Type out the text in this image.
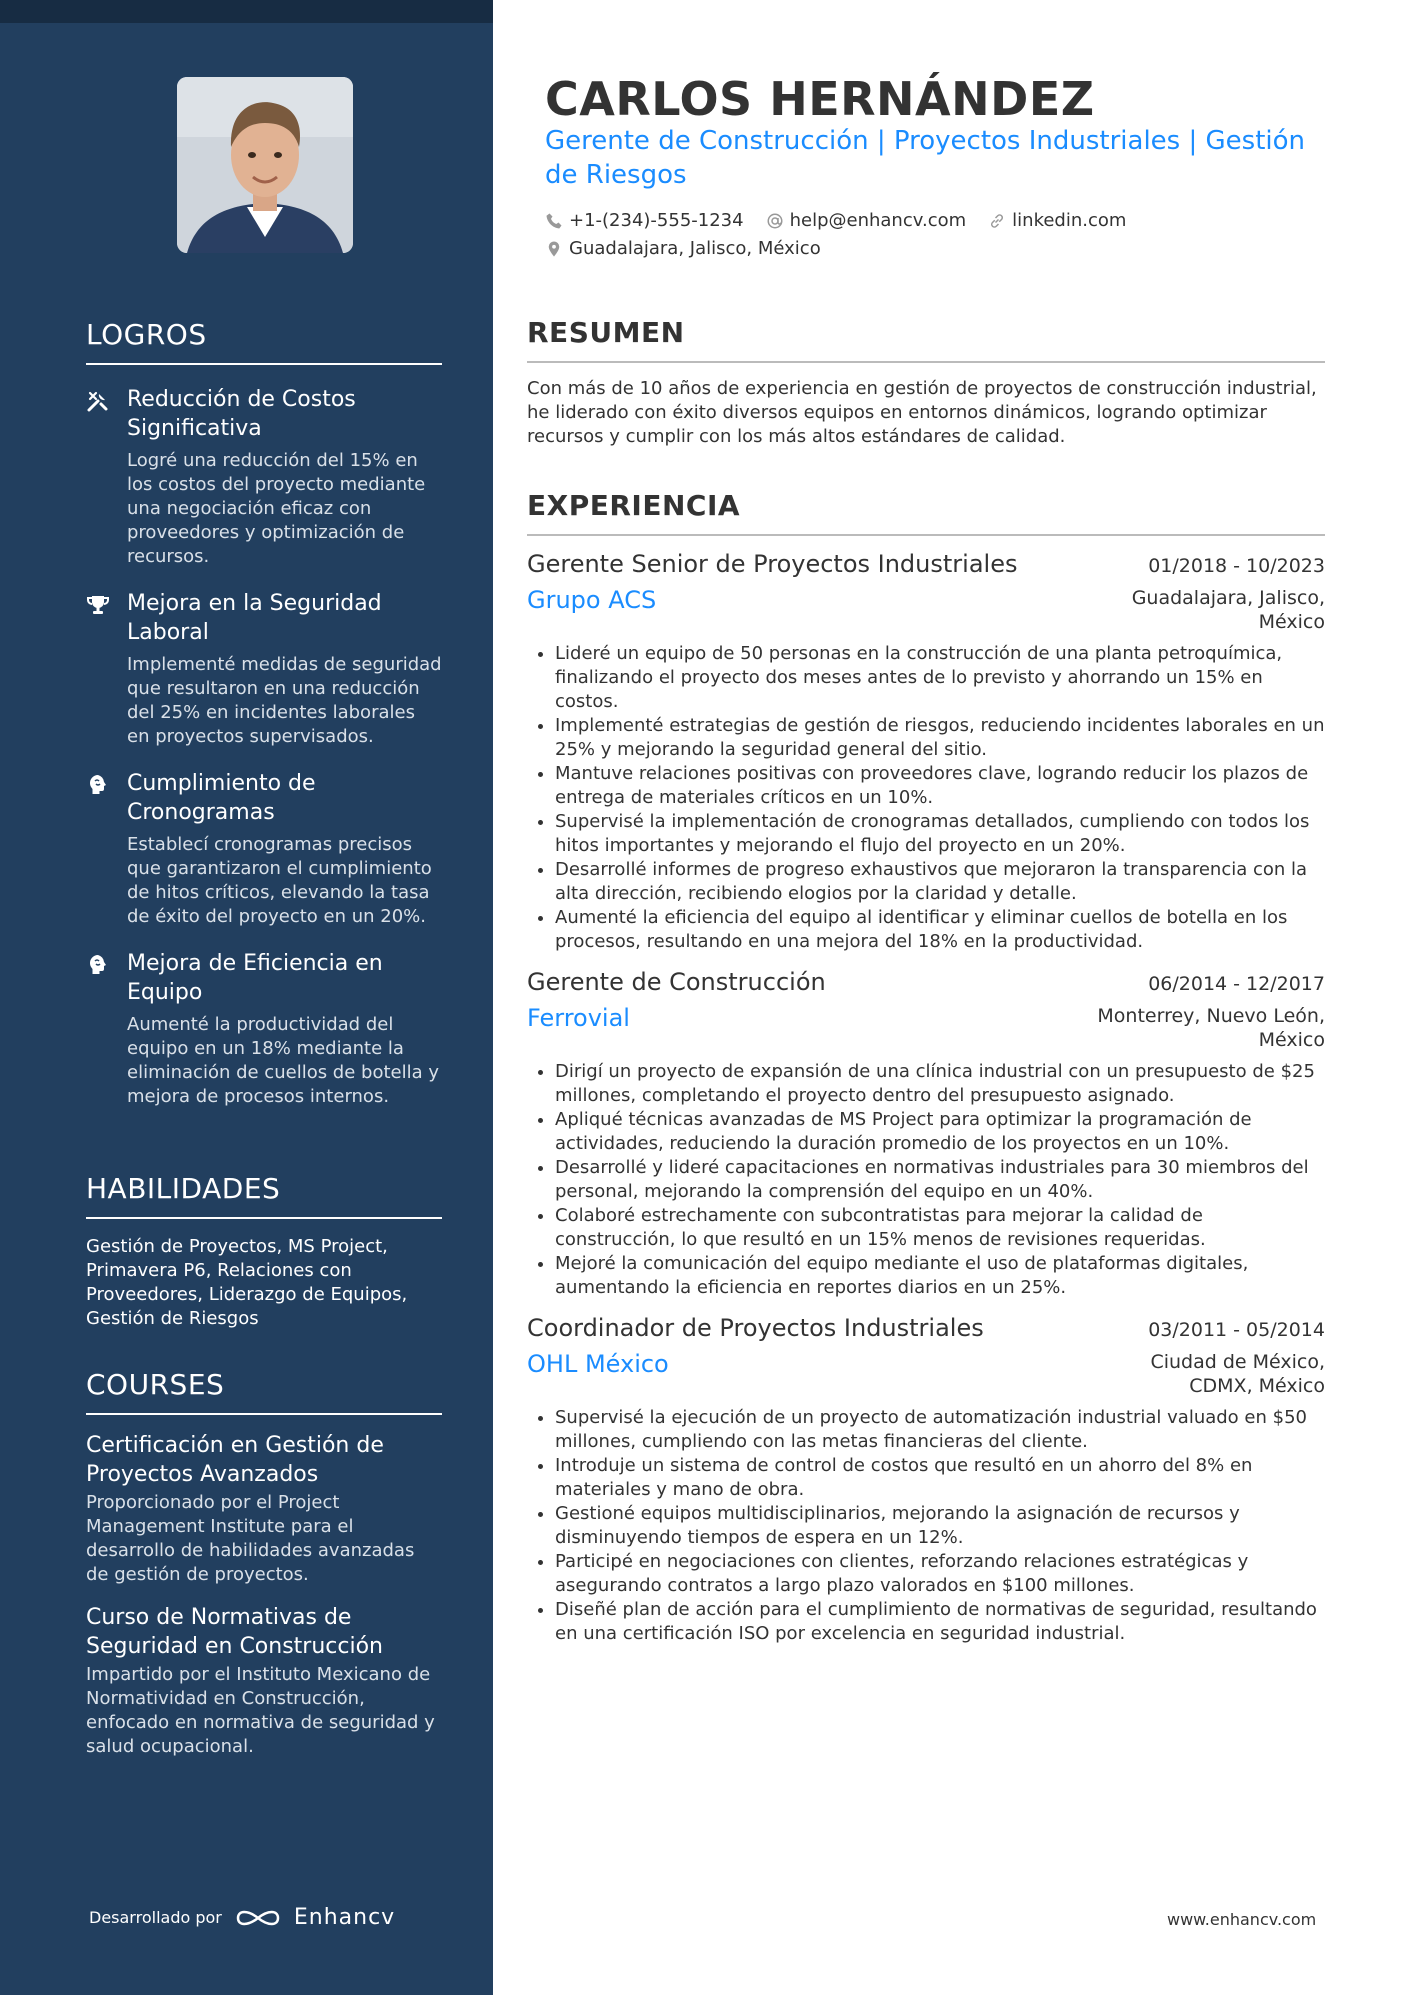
LOGROS
Reducción de Costos Significativa
Logré una reducción del 15% en los costos del proyecto mediante una negociación eficaz con proveedores y optimización de recursos.
Mejora en la Seguridad Laboral
Implementé medidas de seguridad que resultaron en una reducción del 25% en incidentes laborales en proyectos supervisados.
Cumplimiento de Cronogramas
Establecí cronogramas precisos que garantizaron el cumplimiento de hitos críticos, elevando la tasa de éxito del proyecto en un 20%.
Mejora de Eficiencia en Equipo
Aumenté la productividad del equipo en un 18% mediante la eliminación de cuellos de botella y mejora de procesos internos.
HABILIDADES
Gestión de Proyectos, MS Project, Primavera P6, Relaciones con Proveedores, Liderazgo de Equipos, Gestión de Riesgos
COURSES
Certificación en Gestión de Proyectos Avanzados
Proporcionado por el Project Management Institute para el desarrollo de habilidades avanzadas de gestión de proyectos.
Curso de Normativas de Seguridad en Construcción
Impartido por el Instituto Mexicano de Normatividad en Construcción, enfocado en normativa de seguridad y salud ocupacional.
Desarrollado por	Enhancv
CARLOS HERNÁNDEZ
Gerente de Construcción | Proyectos Industriales | Gestión de Riesgos
+1-(234)-555-1234	help@enhancv.com	linkedin.com
Guadalajara, Jalisco, México
RESUMEN
Con más de 10 años de experiencia en gestión de proyectos de construcción industrial, he liderado con éxito diversos equipos en entornos dinámicos, logrando optimizar recursos y cumplir con los más altos estándares de calidad.
EXPERIENCIA
Gerente Senior de Proyectos Industriales	01/2018 - 10/2023
Grupo ACS	Guadalajara, Jalisco, México
• Lideré un equipo de 50 personas en la construcción de una planta petroquímica, finalizando el proyecto dos meses antes de lo previsto y ahorrando un 15% en costos.
• Implementé estrategias de gestión de riesgos, reduciendo incidentes laborales en un 25% y mejorando la seguridad general del sitio.
• Mantuve relaciones positivas con proveedores clave, logrando reducir los plazos de entrega de materiales críticos en un 10%.
• Supervisé la implementación de cronogramas detallados, cumpliendo con todos los hitos importantes y mejorando el flujo del proyecto en un 20%.
• Desarrollé informes de progreso exhaustivos que mejoraron la transparencia con la alta dirección, recibiendo elogios por la claridad y detalle.
• Aumenté la eficiencia del equipo al identificar y eliminar cuellos de botella en los procesos, resultando en una mejora del 18% en la productividad.
Gerente de Construcción	06/2014 - 12/2017
Ferrovial	Monterrey, Nuevo León, México
• Dirigí un proyecto de expansión de una clínica industrial con un presupuesto de $25 millones, completando el proyecto dentro del presupuesto asignado.
• Apliqué técnicas avanzadas de MS Project para optimizar la programación de actividades, reduciendo la duración promedio de los proyectos en un 10%.
• Desarrollé y lideré capacitaciones en normativas industriales para 30 miembros del personal, mejorando la comprensión del equipo en un 40%.
• Colaboré estrechamente con subcontratistas para mejorar la calidad de construcción, lo que resultó en un 15% menos de revisiones requeridas.
• Mejoré la comunicación del equipo mediante el uso de plataformas digitales, aumentando la eficiencia en reportes diarios en un 25%.
Coordinador de Proyectos Industriales	03/2011 - 05/2014
OHL México	Ciudad de México, CDMX, México
• Supervisé la ejecución de un proyecto de automatización industrial valuado en $50 millones, cumpliendo con las metas financieras del cliente.
• Introduje un sistema de control de costos que resultó en un ahorro del 8% en materiales y mano de obra.
• Gestioné equipos multidisciplinarios, mejorando la asignación de recursos y disminuyendo tiempos de espera en un 12%.
• Participé en negociaciones con clientes, reforzando relaciones estratégicas y asegurando contratos a largo plazo valorados en $100 millones.
• Diseñé plan de acción para el cumplimiento de normativas de seguridad, resultando en una certificación ISO por excelencia en seguridad industrial.
www.enhancv.com
